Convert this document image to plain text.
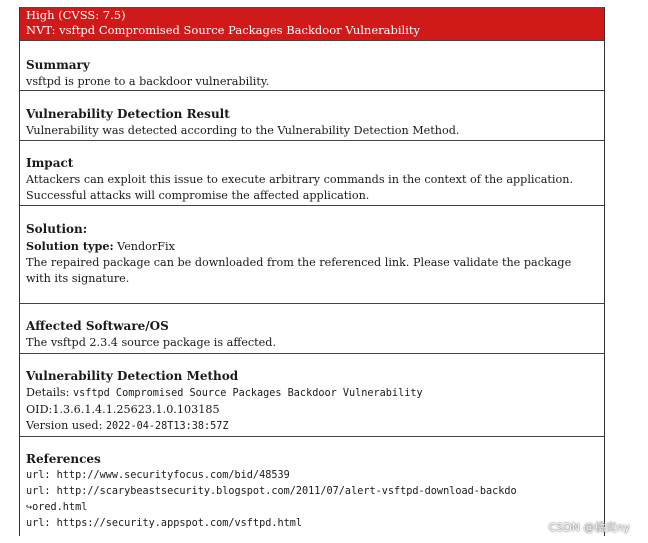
High (CVSS: 7.5)
NVT: vsftpd Compromised Source Packages Backdoor Vulnerability
Summary
vsftpd is prone to a backdoor vulnerability.
Vulnerability Detection Result
Vulnerability was detected according to the Vulnerability Detection Method.
Impact
Attackers can exploit this issue to execute arbitrary commands in the context of the application.
Successful attacks will compromise the affected application.
Solution:
Solution type: VendorFix
The repaired package can be downloaded from the referenced link. Please validate the package
with its signature.
Affected Software/OS
The vsftpd 2.3.4 source package is affected.
Vulnerability Detection Method
Details: vsftpd Compromised Source Packages Backdoor Vulnerability
OID:1.3.6.1.4.1.25623.1.0.103185
Version used: 2022-04-28T13:38:57Z
References
url: http://www.securityfocus.com/bid/48539
url: http://scarybeastsecurity.blogspot.com/2011/07/alert-vsftpd-download-backdo
↪ored.html
url: https://security.appspot.com/vsftpd.html	CSDN @橘奕ny
